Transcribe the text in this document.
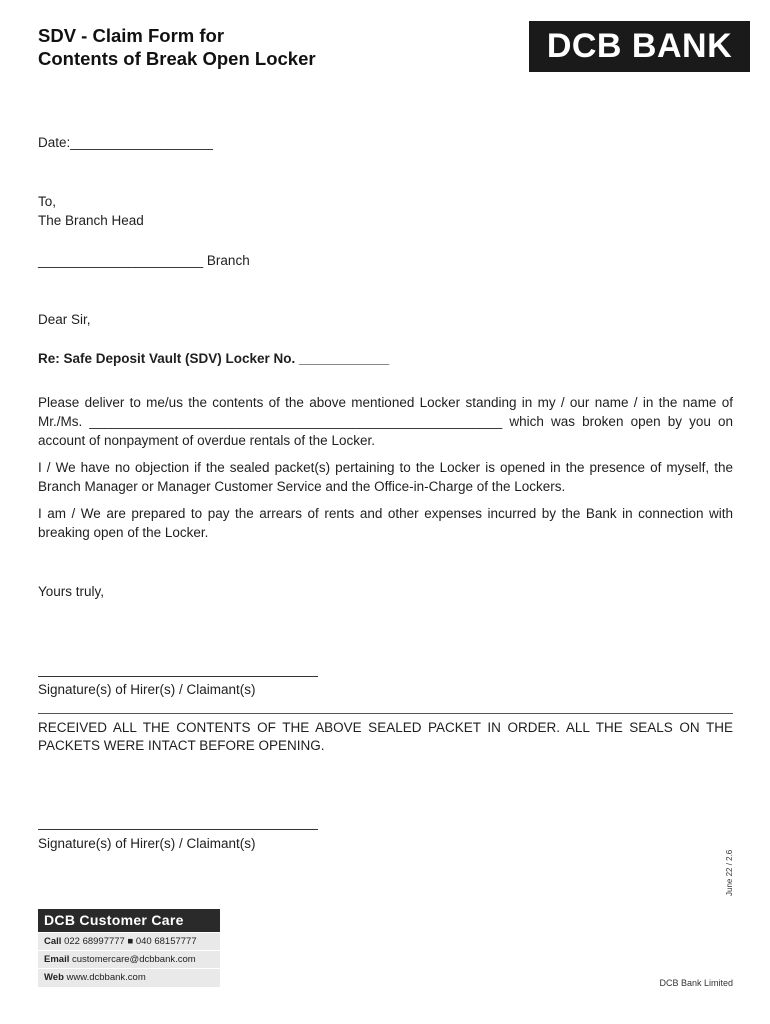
SDV - Claim Form for
Contents of Break Open Locker	DCB BANK
Date:___________________
To,
The Branch Head
______________________ Branch
Dear Sir,
Re: Safe Deposit Vault (SDV) Locker No. ____________
Please deliver to me/us the contents of the above mentioned Locker standing in my / our name / in the name of Mr./Ms. _______________________________________________________ which was broken open by you on account of nonpayment of overdue rentals of the Locker.
I / We have no objection if the sealed packet(s) pertaining to the Locker is opened in the presence of myself, the Branch Manager or Manager Customer Service and the Office-in-Charge of the Lockers.
I am / We are prepared to pay the arrears of rents and other expenses incurred by the Bank in connection with breaking open of the Locker.
Yours truly,
Signature(s) of Hirer(s) / Claimant(s)
RECEIVED ALL THE CONTENTS OF THE ABOVE SEALED PACKET IN ORDER. ALL THE SEALS ON THE PACKETS WERE INTACT BEFORE OPENING.
Signature(s) of Hirer(s) / Claimant(s)
June 22 / 2.6
DCB Customer Care
Call 022 68997777 ■ 040 68157777
Email customercare@dcbbank.com
Web www.dcbbank.com	DCB Bank Limited
